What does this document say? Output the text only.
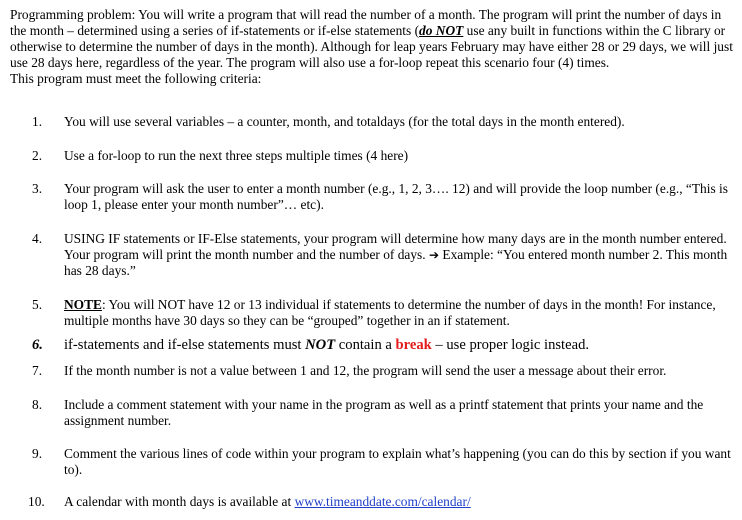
Programming problem: You will write a program that will read the number of a month. The program will print the number of days in the month – determined using a series of if-statements or if-else statements (do NOT use any built in functions within the C library or otherwise to determine the number of days in the month). Although for leap years February may have either 28 or 29 days, we will just use 28 days here, regardless of the year. The program will also use a for-loop repeat this scenario four (4) times.

This program must meet the following criteria:

1.	You will use several variables – a counter, month, and totaldays (for the total days in the month entered).
2.	Use a for-loop to run the next three steps multiple times (4 here)
3.	Your program will ask the user to enter a month number (e.g., 1, 2, 3…. 12) and will provide the loop number (e.g., “This is loop 1, please enter your month number”… etc).
4.	USING IF statements or IF-Else statements, your program will determine how many days are in the month number entered. Your program will print the month number and the number of days. ➔ Example: “You entered month number 2. This month has 28 days.”
5.	NOTE: You will NOT have 12 or 13 individual if statements to determine the number of days in the month! For instance, multiple months have 30 days so they can be “grouped” together in an if statement.
6.	if-statements and if-else statements must NOT contain a break – use proper logic instead.
7.	If the month number is not a value between 1 and 12, the program will send the user a message about their error.
8.	Include a comment statement with your name in the program as well as a printf statement that prints your name and the assignment number.
9.	Comment the various lines of code within your program to explain what’s happening (you can do this by section if you want to).
10.	A calendar with month days is available at www.timeanddate.com/calendar/
